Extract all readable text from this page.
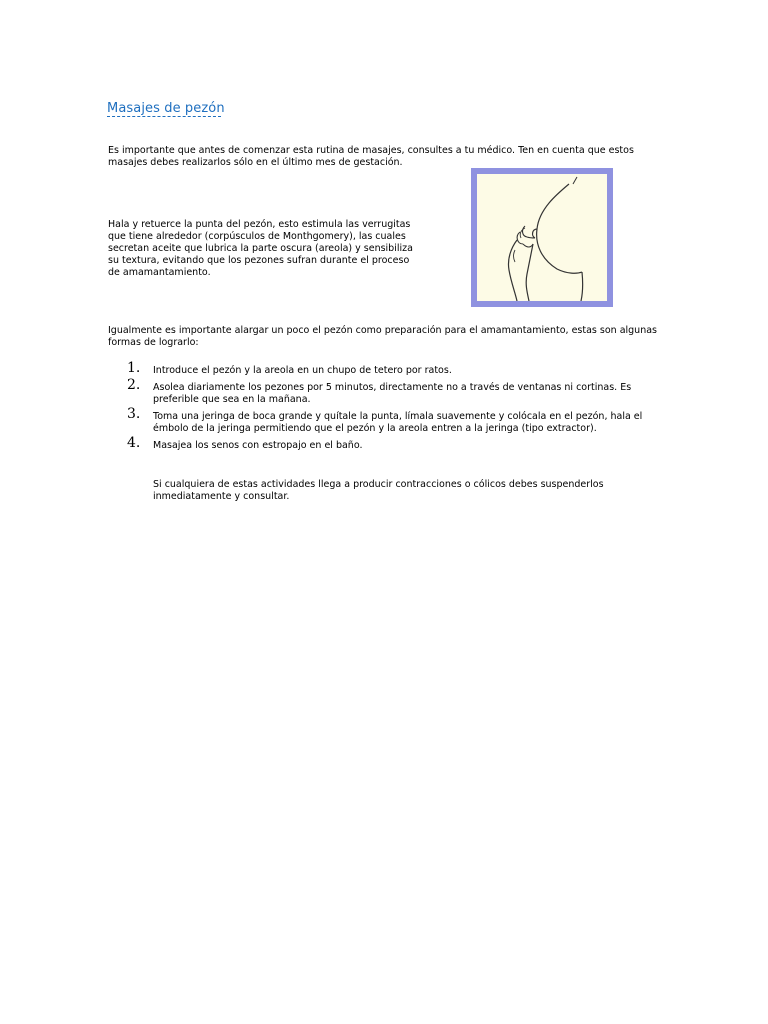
Masajes de pezón

Es importante que antes de comenzar esta rutina de masajes, consultes a tu médico. Ten en cuenta que estos masajes debes realizarlos sólo en el último mes de gestación.

Hala y retuerce la punta del pezón, esto estimula las verrugitas que tiene alrededor (corpúsculos de Monthgomery), las cuales secretan aceite que lubrica la parte oscura (areola) y sensibiliza su textura, evitando que los pezones sufran durante el proceso de amamantamiento.

Igualmente es importante alargar un poco el pezón como preparación para el amamantamiento, estas son algunas formas de lograrlo:

1. Introduce el pezón y la areola en un chupo de tetero por ratos.
2. Asolea diariamente los pezones por 5 minutos, directamente no a través de ventanas ni cortinas. Es preferible que sea en la mañana.
3. Toma una jeringa de boca grande y quítale la punta, límala suavemente y colócala en el pezón, hala el émbolo de la jeringa permitiendo que el pezón y la areola entren a la jeringa (tipo extractor).
4. Masajea los senos con estropajo en el baño.

Si cualquiera de estas actividades llega a producir contracciones o cólicos debes suspenderlos inmediatamente y consultar.
